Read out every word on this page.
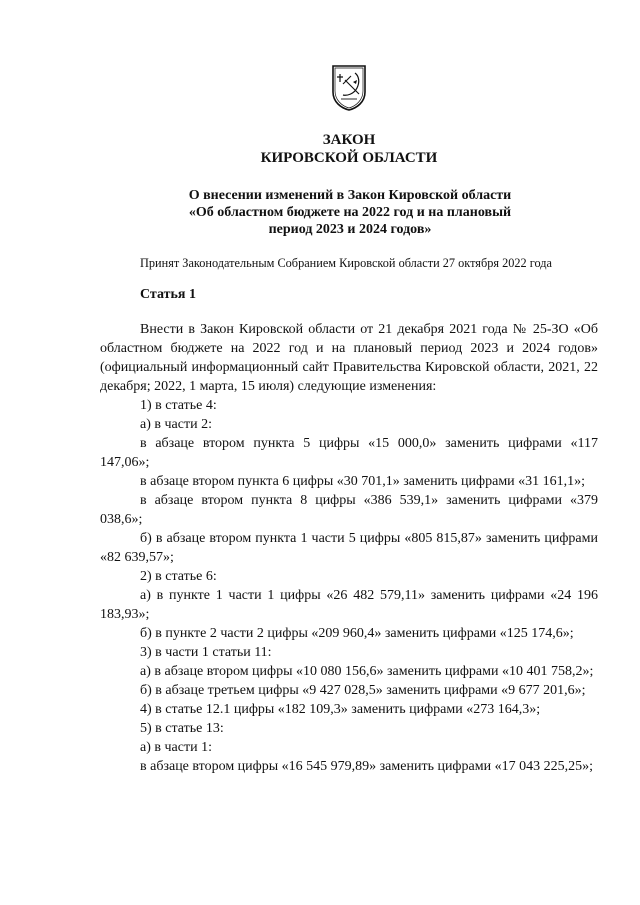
ЗАКОН
КИРОВСКОЙ ОБЛАСТИ
О внесении изменений в Закон Кировской области
«Об областном бюджете на 2022 год и на плановый
период 2023 и 2024 годов»
Принят Законодательным Собранием Кировской области 27 октября 2022 года
Статья 1

Внести в Закон Кировской области от 21 декабря 2021 года № 25-ЗО «Об областном бюджете на 2022 год и на плановый период 2023 и 2024 годов» (официальный информационный сайт Правительства Кировской области, 2021, 22 декабря; 2022, 1 марта, 15 июля) следующие изменения:

1) в статье 4:

а) в части 2:

в абзаце втором пункта 5 цифры «15 000,0» заменить цифрами «117 147,06»;

в абзаце втором пункта 6 цифры «30 701,1» заменить цифрами «31 161,1»;

в абзаце втором пункта 8 цифры «386 539,1» заменить цифрами «379 038,6»;

б) в абзаце втором пункта 1 части 5 цифры «805 815,87» заменить цифрами «82 639,57»;

2) в статье 6:

а) в пункте 1 части 1 цифры «26 482 579,11» заменить цифрами «24 196 183,93»;

б) в пункте 2 части 2 цифры «209 960,4» заменить цифрами «125 174,6»;

3) в части 1 статьи 11:

а) в абзаце втором цифры «10 080 156,6» заменить цифрами «10 401 758,2»;

б) в абзаце третьем цифры «9 427 028,5» заменить цифрами «9 677 201,6»;

4) в статье 12.1 цифры «182 109,3» заменить цифрами «273 164,3»;

5) в статье 13:

а) в части 1:

в абзаце втором цифры «16 545 979,89» заменить цифрами «17 043 225,25»;
